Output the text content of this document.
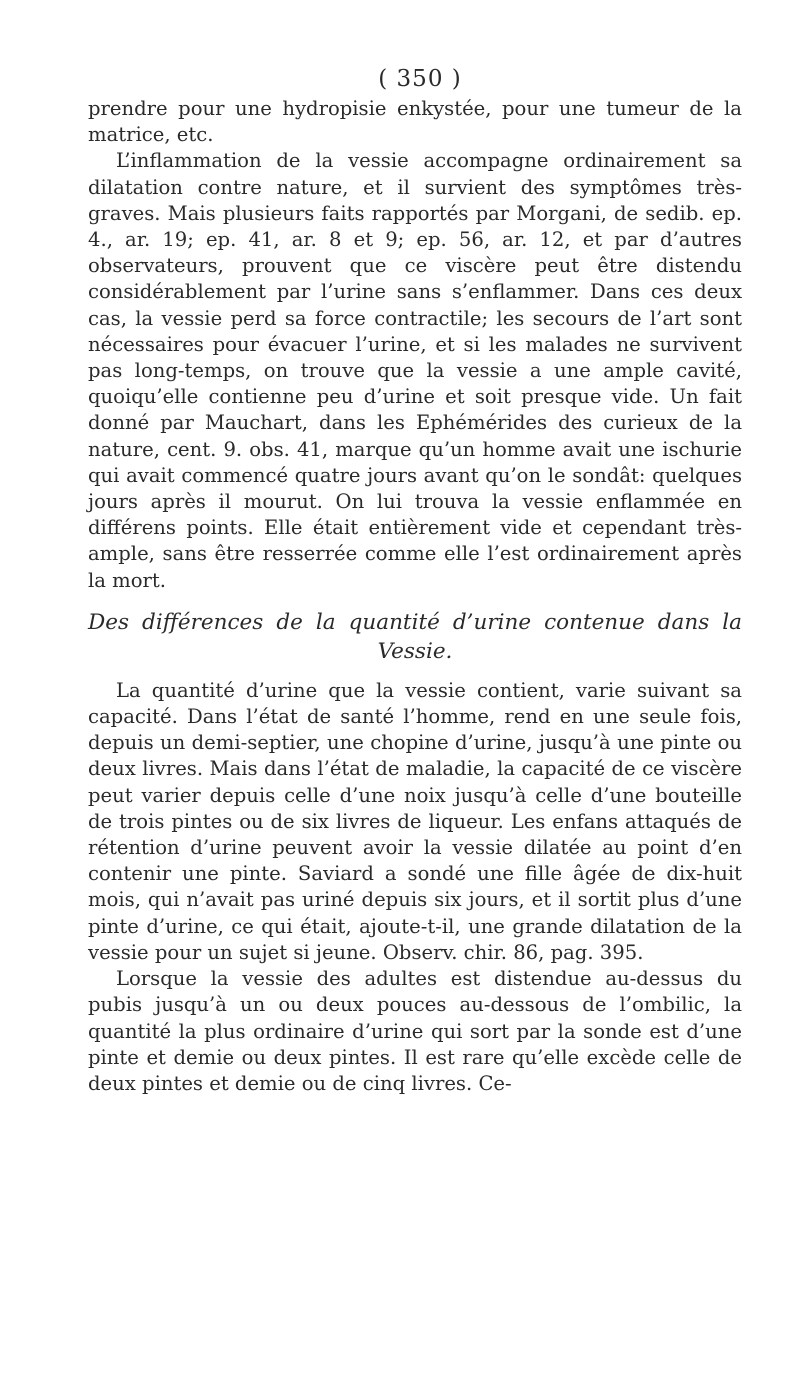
( 350 )

prendre pour une hydropisie enkystée, pour une tumeur de la matrice, etc.

L’inflammation de la vessie accompagne ordinairement sa dilatation contre nature, et il survient des symptômes très-graves. Mais plusieurs faits rapportés par Morgani, de sedib. ep. 4., ar. 19; ep. 41, ar. 8 et 9; ep. 56, ar. 12, et par d’autres observateurs, prouvent que ce viscère peut être distendu considérablement par l’urine sans s’enflammer. Dans ces deux cas, la vessie perd sa force contractile; les secours de l’art sont nécessaires pour évacuer l’urine, et si les malades ne survivent pas long-temps, on trouve que la vessie a une ample cavité, quoiqu’elle contienne peu d’urine et soit presque vide. Un fait donné par Mauchart, dans les Ephémérides des curieux de la nature, cent. 9. obs. 41, marque qu’un homme avait une ischurie qui avait commencé quatre jours avant qu’on le sondât: quelques jours après il mourut. On lui trouva la vessie enflammée en différens points. Elle était entièrement vide et cependant très-ample, sans être resserrée comme elle l’est ordinairement après la mort.

Des différences de la quantité d’urine contenue dans la
Vessie.

La quantité d’urine que la vessie contient, varie suivant sa capacité. Dans l’état de santé l’homme, rend en une seule fois, depuis un demi-septier, une chopine d’urine, jusqu’à une pinte ou deux livres. Mais dans l’état de maladie, la capacité de ce viscère peut varier depuis celle d’une noix jusqu’à celle d’une bouteille de trois pintes ou de six livres de liqueur. Les enfans attaqués de rétention d’urine peuvent avoir la vessie dilatée au point d’en contenir une pinte. Saviard a sondé une fille âgée de dix-huit mois, qui n’avait pas uriné depuis six jours, et il sortit plus d’une pinte d’urine, ce qui était, ajoute-t-il, une grande dilatation de la vessie pour un sujet si jeune. Observ. chir. 86, pag. 395.

Lorsque la vessie des adultes est distendue au-dessus du pubis jusqu’à un ou deux pouces au-dessous de l’ombilic, la quantité la plus ordinaire d’urine qui sort par la sonde est d’une pinte et demie ou deux pintes. Il est rare qu’elle excède celle de deux pintes et demie ou de cinq livres. Ce-
